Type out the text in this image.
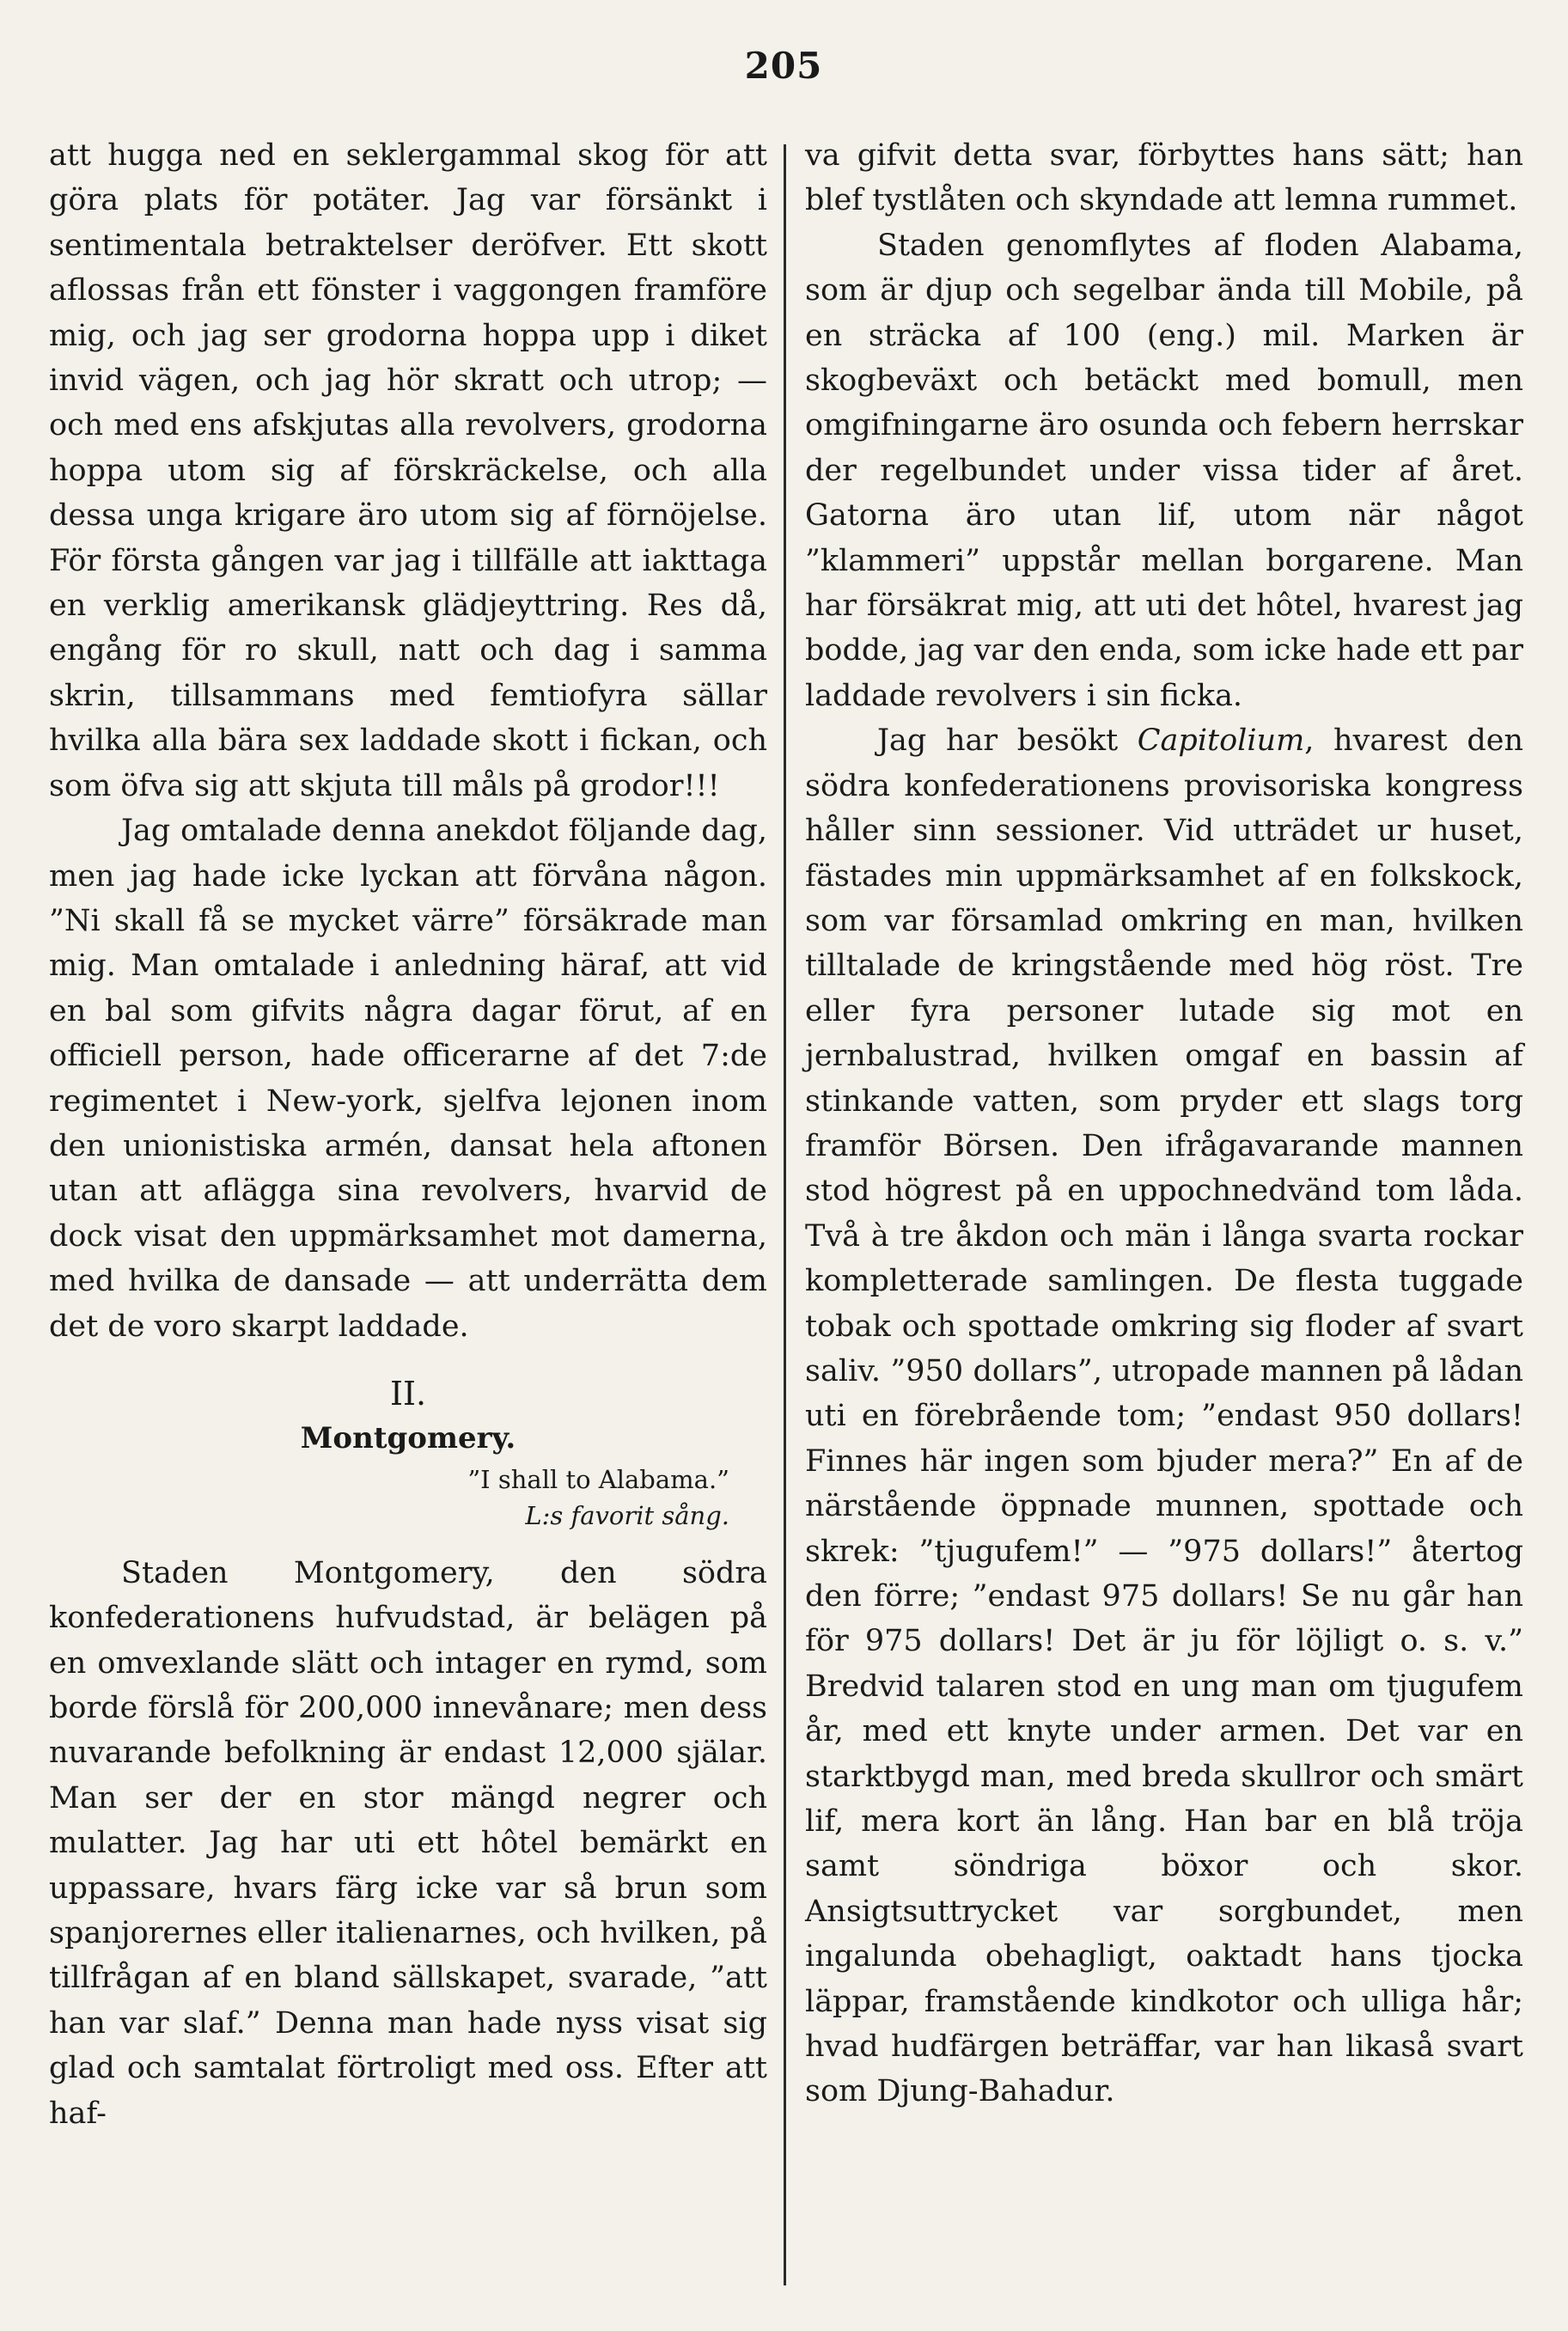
205

att hugga ned en seklergammal skog för att göra plats för potäter. Jag var försänkt i sentimentala betraktelser deröfver. Ett skott aflossas från ett fönster i vaggongen framföre mig, och jag ser grodorna hoppa upp i diket invid vägen, och jag hör skratt och utrop; — och med ens afskjutas alla revolvers, grodorna hoppa utom sig af förskräckelse, och alla dessa unga krigare äro utom sig af förnöjelse. För första gången var jag i tillfälle att iakttaga en verklig amerikansk glädjeyttring. Res då, engång för ro skull, natt och dag i samma skrin, tillsammans med femtiofyra sällar hvilka alla bära sex laddade skott i fickan, och som öfva sig att skjuta till måls på grodor!!!

Jag omtalade denna anekdot följande dag, men jag hade icke lyckan att förvåna någon. ”Ni skall få se mycket värre” försäkrade man mig. Man omtalade i anledning häraf, att vid en bal som gifvits några dagar förut, af en officiell person, hade officerarne af det 7:de regimentet i New-york, sjelfva lejonen inom den unionistiska armén, dansat hela aftonen utan att aflägga sina revolvers, hvarvid de dock visat den uppmärksamhet mot damerna, med hvilka de dansade — att underrätta dem det de voro skarpt laddade.

II.

Montgomery.

”I shall to Alabama.”

L:s favorit sång.

Staden Montgomery, den södra konfederationens hufvudstad, är belägen på en omvexlande slätt och intager en rymd, som borde förslå för 200,000 innevånare; men dess nuvarande befolkning är endast 12,000 själar. Man ser der en stor mängd negrer och mulatter. Jag har uti ett hôtel bemärkt en uppassare, hvars färg icke var så brun som spanjorernes eller italienarnes, och hvilken, på tillfrågan af en bland sällskapet, svarade, ”att han var slaf.” Denna man hade nyss visat sig glad och samtalat förtroligt med oss. Efter att haf-

va gifvit detta svar, förbyttes hans sätt; han blef tystlåten och skyndade att lemna rummet.

Staden genomflytes af floden Alabama, som är djup och segelbar ända till Mobile, på en sträcka af 100 (eng.) mil. Marken är skogbeväxt och betäckt med bomull, men omgifningarne äro osunda och febern herrskar der regelbundet under vissa tider af året. Gatorna äro utan lif, utom när något ”klammeri” uppstår mellan borgarene. Man har försäkrat mig, att uti det hôtel, hvarest jag bodde, jag var den enda, som icke hade ett par laddade revolvers i sin ficka.

Jag har besökt Capitolium, hvarest den södra konfederationens provisoriska kongress håller sinn sessioner. Vid utträdet ur huset, fästades min uppmärksamhet af en folkskock, som var församlad omkring en man, hvilken tilltalade de kringstående med hög röst. Tre eller fyra personer lutade sig mot en jernbalustrad, hvilken omgaf en bassin af stinkande vatten, som pryder ett slags torg framför Börsen. Den ifrågavarande mannen stod högrest på en uppochnedvänd tom låda. Två à tre åkdon och män i långa svarta rockar kompletterade samlingen. De flesta tuggade tobak och spottade omkring sig floder af svart saliv. ”950 dollars”, utropade mannen på lådan uti en förebrående tom; ”endast 950 dollars! Finnes här ingen som bjuder mera?” En af de närstående öppnade munnen, spottade och skrek: ”tjugufem!” — ”975 dollars!” återtog den förre; ”endast 975 dollars! Se nu går han för 975 dollars! Det är ju för löjligt o. s. v.” Bredvid talaren stod en ung man om tjugufem år, med ett knyte under armen. Det var en starktbygd man, med breda skullror och smärt lif, mera kort än lång. Han bar en blå tröja samt söndriga böxor och skor. Ansigtsuttrycket var sorgbundet, men ingalunda obehagligt, oaktadt hans tjocka läppar, framstående kindkotor och ulliga hår; hvad hudfärgen beträffar, var han likaså svart som Djung-Bahadur.
